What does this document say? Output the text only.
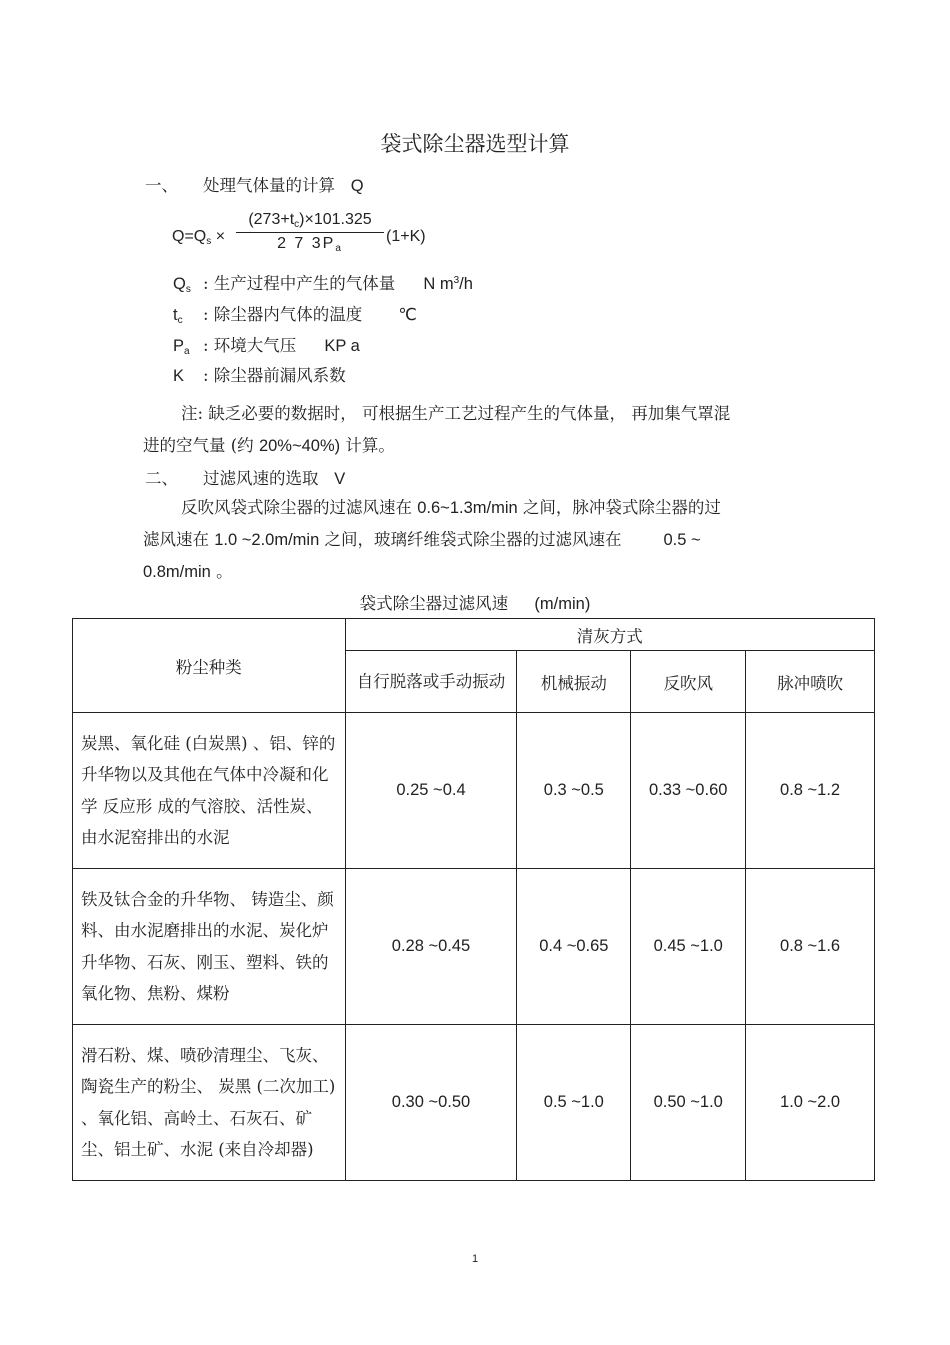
袋式除尘器选型计算
一、 处理气体量的计算 Q
$Q=Q_s$ ×
$(273+t_c)\times 101.325$
2 7 $3P_a$
(1+K)
$Q_s$ : 生产过程中产生的气体量 N $m^3/h$
$t_c$ : 除尘器内气体的温度 ℃
$P_a$ : 环境大气压 KP a
K : 除尘器前漏风系数
注: 缺乏必要的数据时， 可根据生产工艺过程产生的气体量， 再加集气罩混
进的空气量 (约 20%~40%) 计算。
二、 过滤风速的选取 V
反吹风袋式除尘器的过滤风速在 0.6~1.3m/min 之间，脉冲袋式除尘器的过
滤风速在 1.0 ~2.0m/min 之间，玻璃纤维袋式除尘器的过滤风速在	0.5 ~
0.8m/min 。
袋式除尘器过滤风速 (m/min)
粉尘种类	清灰方式			
	自行脱落或手动振动	机械振动	反吹风	脉冲喷吹
炭黑、氧化硅 (白炭黑) 、铝、锌的升华物以及其他在气体中冷凝和化学 反应形 成的气溶胶、活性炭、由水泥窑排出的水泥	0.25 ~0.4	0.3 ~0.5	0.33 ~0.60	0.8 ~1.2
铁及钛合金的升华物、 铸造尘、颜料、由水泥磨排出的水泥、炭化炉升华物、石灰、刚玉、塑料、铁的氧化物、焦粉、煤粉	0.28 ~0.45	0.4 ~0.65	0.45 ~1.0	0.8 ~1.6
滑石粉、煤、喷砂清理尘、飞灰、陶瓷生产的粉尘、 炭黑 (二次加工) 、氧化铝、高岭土、石灰石、矿尘、铝土矿、水泥 (来自冷却器)	0.30 ~0.50	0.5 ~1.0	0.50 ~1.0	1.0 ~2.0
1
